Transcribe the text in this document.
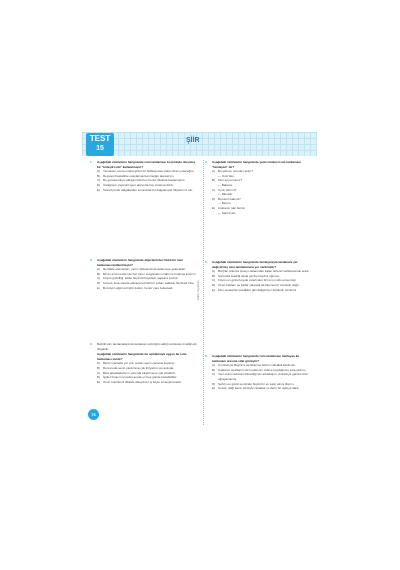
TEST
15
ŞİİR
Zafer Yayınları
1.	Aşağıdaki cümlelerin hangisinde isim tamlaması bi-çiminde oluşmuş bir "birleşik isim" kullanılmıştır?
A)	Yemekten sonra onlara güzel bir bülbülyuvası tatlısı ikram edeceğim.
B)	Reçeteyi baştabibe onaylatmazsan ilaçları alamazsın.
C) Bu gecekonduyu aldığımızda ben henüz ilkokula başlamıştım.
D) Üstağmen, hepimizi spor alanında boy sırasına dizdi.
E)	Televizyonlar dalgalardan korunacak bir dalgakırana ihtiyacımız var.
2.	Aşağıdaki cümlelerin hangisinde diğerlerinden farklı bir isim tamlaması kullanılmıştır?
A)	Derslikte elemanları, yarım şirketimizi denetlemeye gelecekler.
B)	Bir an evvel evden de bizi torun sevgisinden mahrum bırakma kuzum!
C) Köyün güzelliği, tekke heyimizi büyüledi; şapkına çevirdi.
D) Anneni, kısa sürede oldukça lezzetli bir çoban salatası hazırladı bize.
E)	Bu köyün ağırına hiçbir doktor, henüz çare bulamadı.
3.	Belirtili isim tamlamalarında tamlanan sözcüğün aldığı tamlanan özelliği ekt düşebilir.
Aşağıdaki cümlelerin hangisinde bu açıklamaya uygun bir isim tamlaması vardır?
A)	Benim çantada yer yok, şurları senin çantana koyalım.
B)	Bu konuda senin yardımına çok ihtiyacım var aslında.
C) Beni arkadaşlarımın yanında eleştirmene çok üzüldüm.
D) İşçiler binanın temelini ancak on beş günde kazabildiler.
E)	Onun önerilerini dikkate alsaydınız iş böyle sonuçlanmazdı.
4.	Aşağıdaki cümlelerin hangisinde yanıt cümlesi isim tamlaması "tamlayan" dır?
A)	Bu şahsıyı nereden aldın?
— İzmir'den.
B)	Kimi arıyorsunuz?
— Babamı.
C) Oyun bitti mi?
— Bitmedi.
D) Bu kimin kalemi?
— Benim.
E)	Arabanın rakı bozuk
— Şanzıman.
5.	Aşağıdaki cümlelerin hangisinde tamlayanıyla tamlananı yer değiştirmiş isim tamlamasına yer verilmiştir?
A)	Borçları arkınca çeneyi sıklarından kalan terlerini sahilmesinde eradı.
B)	Sonunda istediği okula yazılıp kaydını oğunun.
C) Köyün en güzel koyulu evlerinden biri onu mutlu etmemişti.
D) Onun hastanı ne kadar çalışsak da bitememiz mümkün değil.
E)	Kimi sanatçılar istedikleri gibi değiştiriyor türlülerin sözlerini.
6.	Aşağıdaki cümlelerin hangisinde isim tamlaması tamlayan ile tamlananı arasına sıfat girmiştir?
A)	Cumhuriyet Bayramı şenliklerine bütün mahalleli katılmıştı.
B)	Arabanın anahtarını dert odasının cebine koyduğumu sanıyordum.
C) Yeni evinin adresini bilmediği için arkadaşım, Ankara'ya gelince bize uğrayamamış.
D) Şehrin en güzel semtinde büyük bir ev satın almış ilkyımı.
E)	Çocuk, içliği bacın elinsiyle rahatlatı ve derin bir uykuya daldı.
76
